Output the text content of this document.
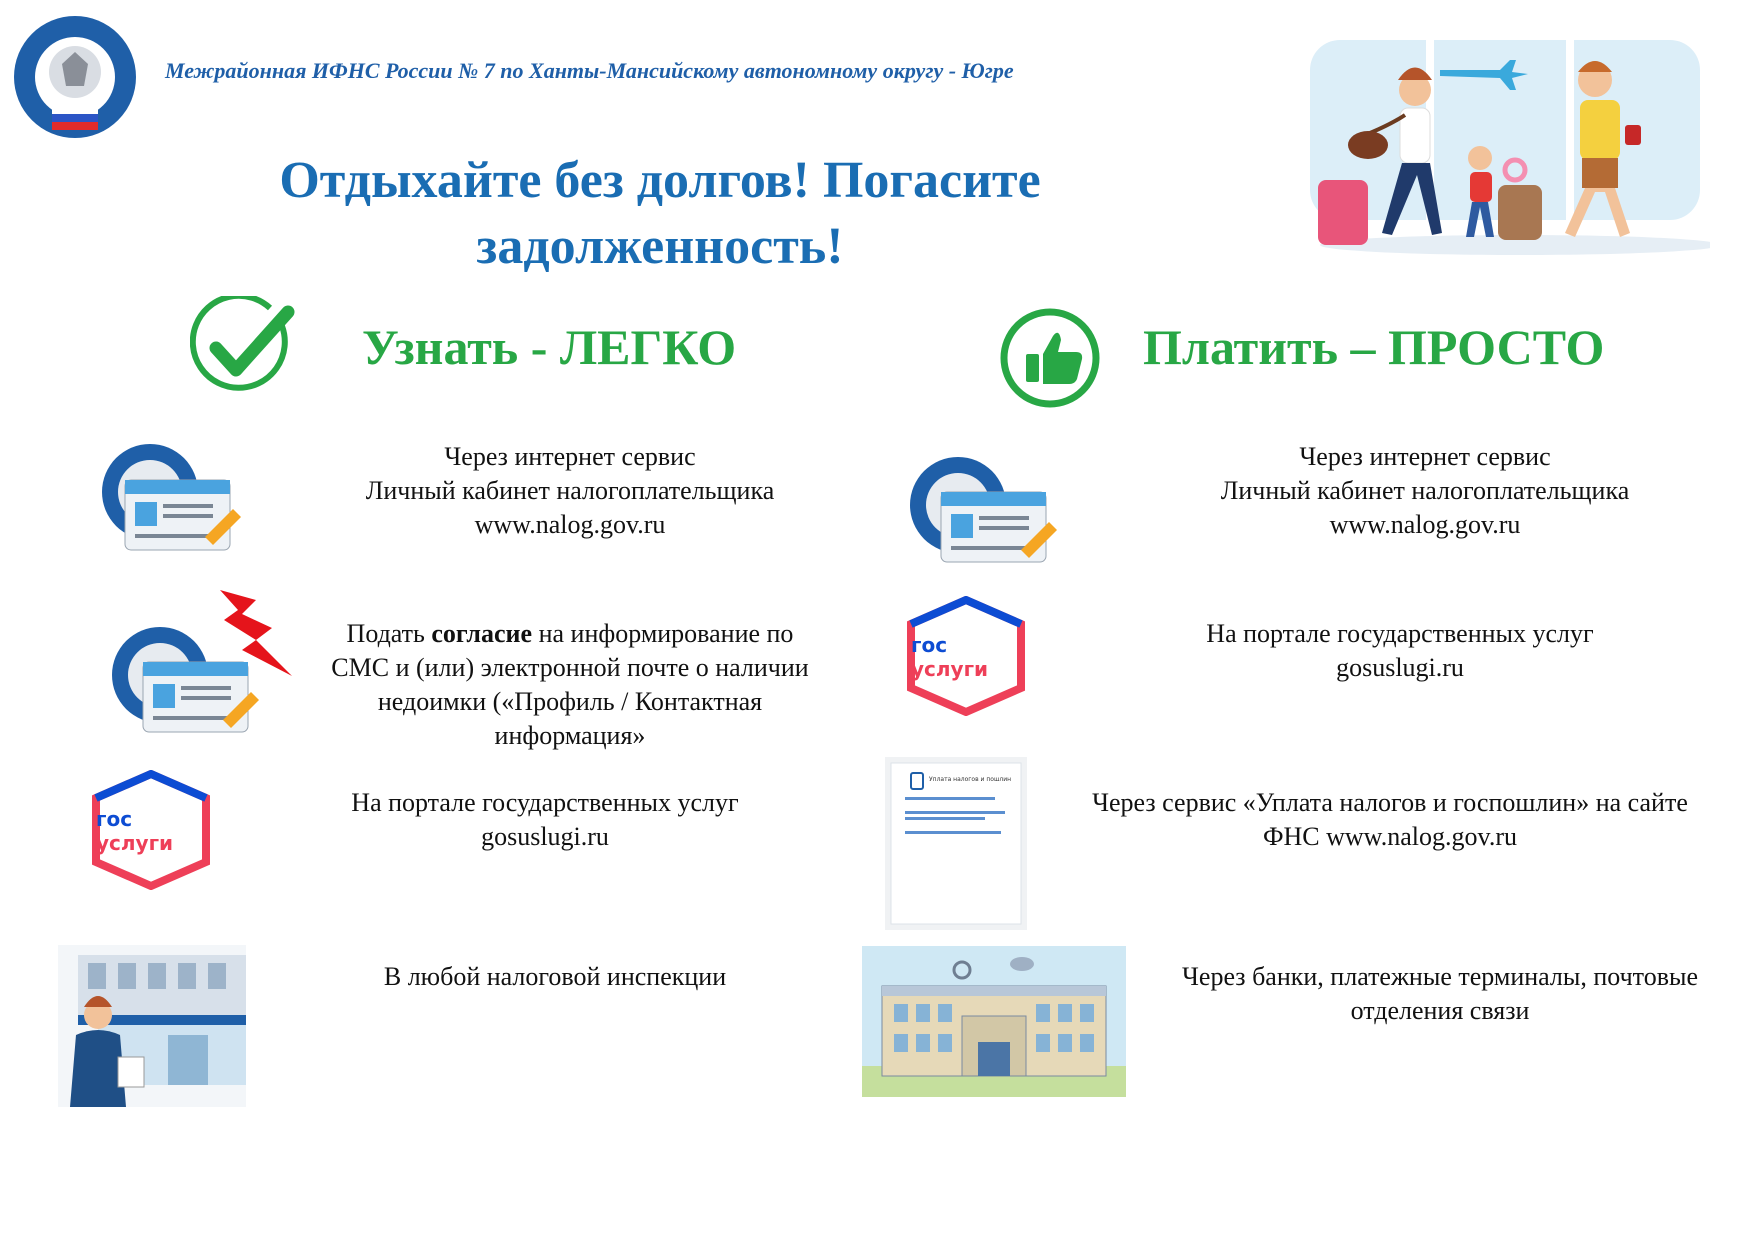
Межрайонная ИФНС России № 7 по Ханты-Мансийскому автономному округу - Югре
Отдыхайте без долгов! Погасите
задолженность!
Узнать - ЛЕГКО	Платить – ПРОСТО
Через интернет сервис
Личный кабинет налогоплательщика
www.nalog.gov.ru
Подать согласие на информирование по
СМС и (или) электронной почте о наличии
недоимки («Профиль / Контактная
информация»
гос
услуги
На портале государственных услуг
gosuslugi.ru
В любой налоговой инспекции
Через интернет сервис
Личный кабинет налогоплательщика
www.nalog.gov.ru
гос
услуги
На портале государственных услуг
gosuslugi.ru
Уплата налогов и пошлин
Через сервис «Уплата налогов и госпошлин» на сайте
ФНС www.nalog.gov.ru
Через банки, платежные терминалы, почтовые
отделения связи
